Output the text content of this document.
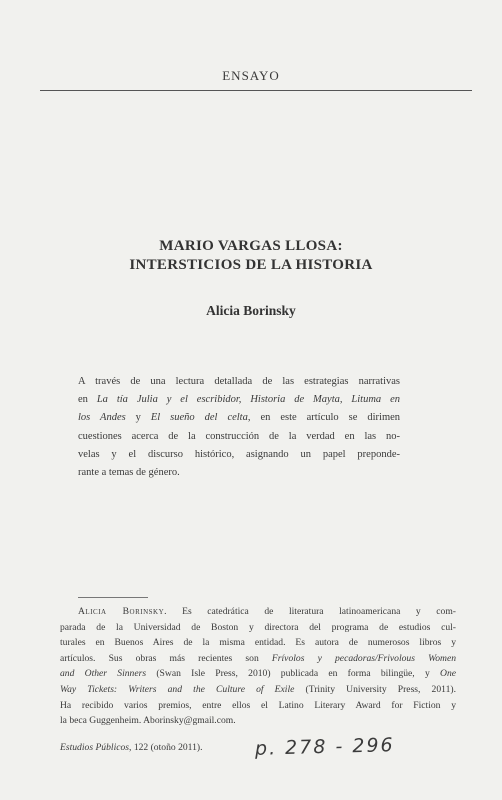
ENSAYO
MARIO VARGAS LLOSA:
INTERSTICIOS DE LA HISTORIA
Alicia Borinsky
A través de una lectura detallada de las estrategias narrativas
en La tía Julia y el escribidor, Historia de Mayta, Lituma en
los Andes y El sueño del celta, en este artículo se dirimen
cuestiones acerca de la construcción de la verdad en las no-
velas y el discurso histórico, asignando un papel preponde-
rante a temas de género.
Alicia Borinsky. Es catedrática de literatura latinoamericana y com-
parada de la Universidad de Boston y directora del programa de estudios cul-
turales en Buenos Aires de la misma entidad. Es autora de numerosos libros y
artículos. Sus obras más recientes son Frívolos y pecadoras/Frivolous Women
and Other Sinners (Swan Isle Press, 2010) publicada en forma bilingüe, y One
Way Tickets: Writers and the Culture of Exile (Trinity University Press, 2011).
Ha recibido varios premios, entre ellos el Latino Literary Award for Fiction y
la beca Guggenheim. Aborinsky@gmail.com.
Estudios Públicos, 122 (otoño 2011).	p. 278 - 296
